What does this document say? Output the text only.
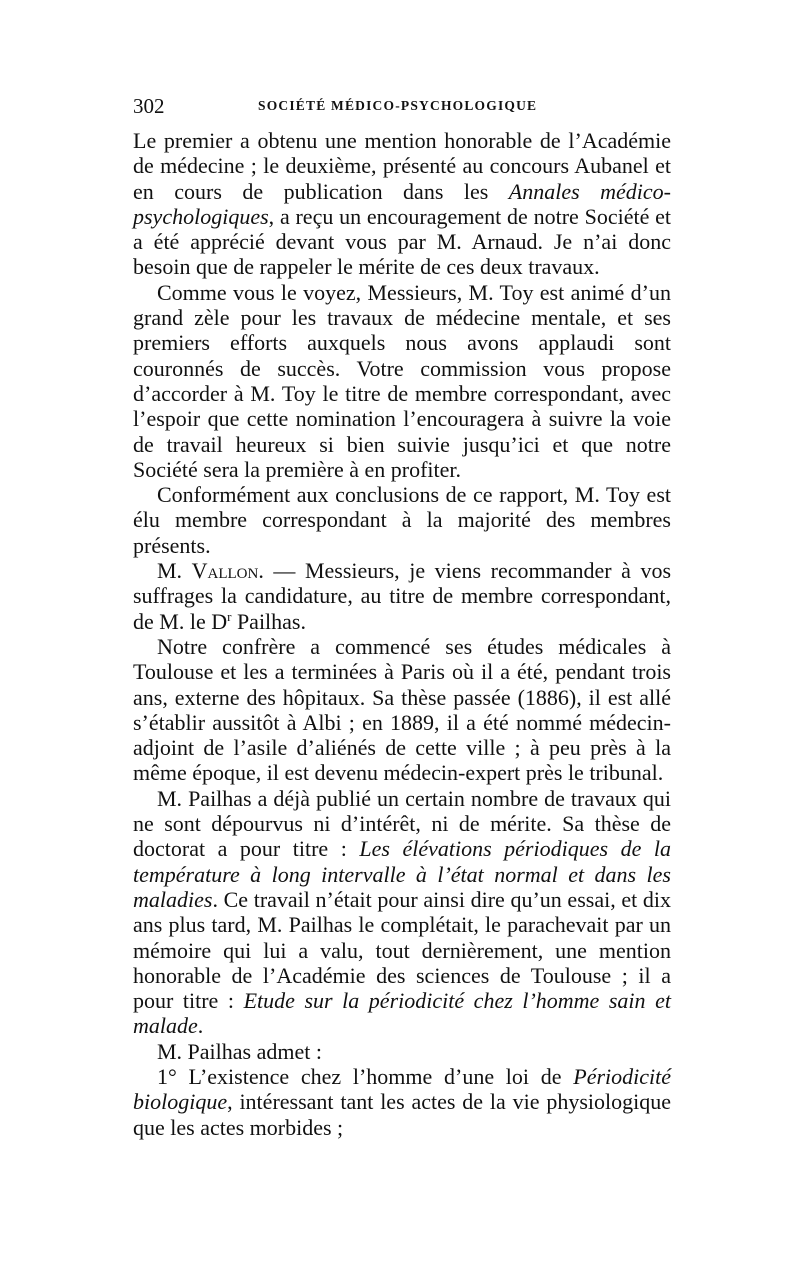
302	SOCIÉTÉ MÉDICO-PSYCHOLOGIQUE

Le premier a obtenu une mention honorable de l’Académie de médecine ; le deuxième, présenté au concours Aubanel et en cours de publication dans les Annales médico-psychologiques, a reçu un encouragement de notre Société et a été apprécié devant vous par M. Arnaud. Je n’ai donc besoin que de rappeler le mérite de ces deux travaux.

Comme vous le voyez, Messieurs, M. Toy est animé d’un grand zèle pour les travaux de médecine mentale, et ses premiers efforts auxquels nous avons applaudi sont couronnés de succès. Votre commission vous propose d’accorder à M. Toy le titre de membre correspondant, avec l’espoir que cette nomination l’encouragera à suivre la voie de travail heureux si bien suivie jusqu’ici et que notre Société sera la première à en profiter.

Conformément aux conclusions de ce rapport, M. Toy est élu membre correspondant à la majorité des membres présents.

M. Vallon. — Messieurs, je viens recommander à vos suffrages la candidature, au titre de membre correspondant, de M. le $D^r$ Pailhas.

Notre confrère a commencé ses études médicales à Toulouse et les a terminées à Paris où il a été, pendant trois ans, externe des hôpitaux. Sa thèse passée (1886), il est allé s’établir aussitôt à Albi ; en 1889, il a été nommé médecin-adjoint de l’asile d’aliénés de cette ville ; à peu près à la même époque, il est devenu médecin-expert près le tribunal.

M. Pailhas a déjà publié un certain nombre de travaux qui ne sont dépourvus ni d’intérêt, ni de mérite. Sa thèse de doctorat a pour titre : Les élévations périodiques de la température à long intervalle à l’état normal et dans les maladies. Ce travail n’était pour ainsi dire qu’un essai, et dix ans plus tard, M. Pailhas le complétait, le parachevait par un mémoire qui lui a valu, tout dernièrement, une mention honorable de l’Académie des sciences de Toulouse ; il a pour titre : Etude sur la périodicité chez l’homme sain et malade.

M. Pailhas admet :

1° L’existence chez l’homme d’une loi de Périodicité biologique, intéressant tant les actes de la vie physiologique que les actes morbides ;
